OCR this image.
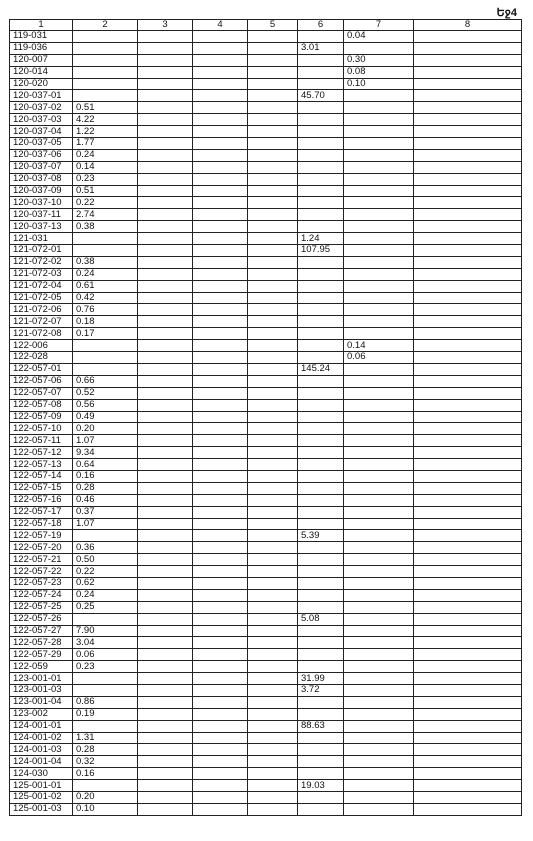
Եջ4
1	2	3	4	5	6	7	8
119-031						0.04	
119-036					3.01		
120-007						0.30	
120-014						0.08	
120-020						0.10	
120-037-01					45.70		
120-037-02	0.51						
120-037-03	4.22						
120-037-04	1.22						
120-037-05	1.77						
120-037-06	0.24						
120-037-07	0.14						
120-037-08	0.23						
120-037-09	0.51						
120-037-10	0.22						
120-037-11	2.74						
120-037-13	0.38						
121-031					1.24		
121-072-01					107.95		
121-072-02	0.38						
121-072-03	0.24						
121-072-04	0.61						
121-072-05	0.42						
121-072-06	0.76						
121-072-07	0.18						
121-072-08	0.17						
122-006						0.14	
122-028						0.06	
122-057-01					145.24		
122-057-06	0.66						
122-057-07	0.52						
122-057-08	0.56						
122-057-09	0.49						
122-057-10	0.20						
122-057-11	1.07						
122-057-12	9.34						
122-057-13	0.64						
122-057-14	0.16						
122-057-15	0.28						
122-057-16	0.46						
122-057-17	0.37						
122-057-18	1.07						
122-057-19					5.39		
122-057-20	0.36						
122-057-21	0.50						
122-057-22	0.22						
122-057-23	0.62						
122-057-24	0.24						
122-057-25	0.25						
122-057-26					5.08		
122-057-27	7.90						
122-057-28	3.04						
122-057-29	0.06						
122-059	0.23						
123-001-01					31.99		
123-001-03					3.72		
123-001-04	0.86						
123-002	0.19						
124-001-01					88.63		
124-001-02	1.31						
124-001-03	0.28						
124-001-04	0.32						
124-030	0.16						
125-001-01					19.03		
125-001-02	0.20						
125-001-03	0.10						
